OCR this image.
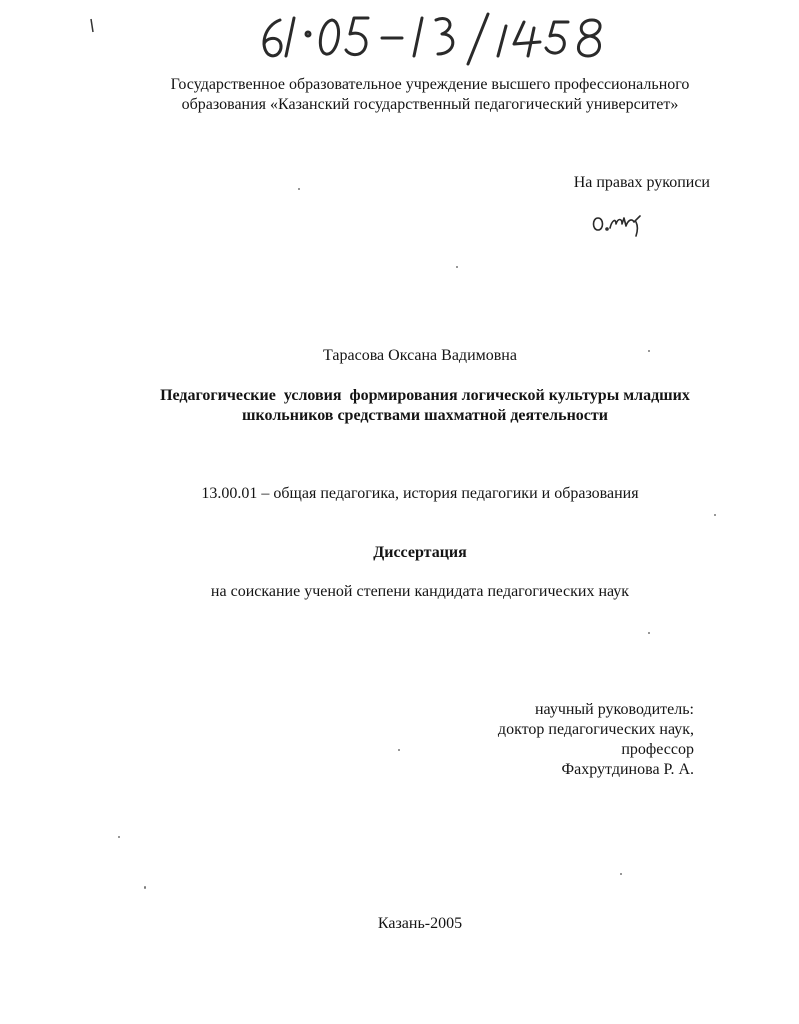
Государственное образовательное учреждение высшего профессионального
образования «Казанский государственный педагогический университет»
На правах рукописи
Тарасова Оксана Вадимовна
Педагогические  условия  формирования логической культуры младших
школьников средствами шахматной деятельности
13.00.01 – общая педагогика, история педагогики и образования
Диссертация
на соискание ученой степени кандидата педагогических наук
научный руководитель:
доктор педагогических наук,
профессор
Фахрутдинова Р. А.
Казань-2005
